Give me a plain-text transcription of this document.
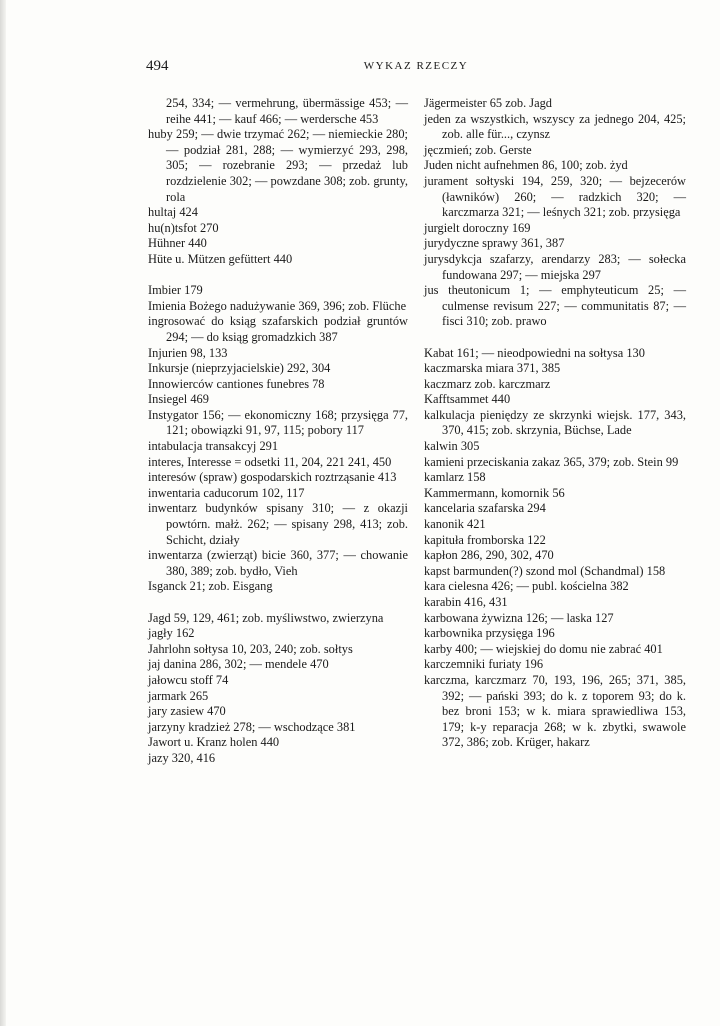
494	WYKAZ RZECZY
254, 334; — vermehrung, übermässige 453; — reihe 441; — kauf 466; — werdersche 453
huby 259; — dwie trzymać 262; — niemieckie 280; — podział 281, 288; — wymierzyć 293, 298, 305; — rozebranie 293; — przedaż lub rozdzielenie 302; — powzdane 308; zob. grunty, rola
hultaj 424
hu(n)tsfot 270
Hühner 440
Hüte u. Mützen gefüttert 440
Imbier 179
Imienia Bożego nadużywanie 369, 396; zob. Flüche
ingrosować do ksiąg szafarskich podział gruntów 294; — do ksiąg gromadzkich 387
Injurien 98, 133
Inkursje (nieprzyjacielskie) 292, 304
Innowierców cantiones funebres 78
Insiegel 469
Instygator 156; — ekonomiczny 168; przysięga 77, 121; obowiązki 91, 97, 115; pobory 117
intabulacja transakcyj 291
interes, Interesse = odsetki 11, 204, 221 241, 450
interesów (spraw) gospodarskich roztrząsanie 413
inwentaria caducorum 102, 117
inwentarz budynków spisany 310; — z okazji powtórn. małż. 262; — spisany 298, 413; zob. Schicht, działy
inwentarza (zwierząt) bicie 360, 377; — chowanie 380, 389; zob. bydło, Vieh
Isganck 21; zob. Eisgang
Jagd 59, 129, 461; zob. myśliwstwo, zwierzyna
jagły 162
Jahrlohn sołtysa 10, 203, 240; zob. sołtys
jaj danina 286, 302; — mendele 470
jałowcu stoff 74
jarmark 265
jary zasiew 470
jarzyny kradzież 278; — wschodzące 381
Jawort u. Kranz holen 440
jazy 320, 416
Jägermeister 65 zob. Jagd
jeden za wszystkich, wszyscy za jednego 204, 425; zob. alle für..., czynsz
jęczmień; zob. Gerste
Juden nicht aufnehmen 86, 100; zob. żyd
jurament sołtyski 194, 259, 320; — bejzecerów (ławników) 260; — radzkich 320; — karczmarza 321; — leśnych 321; zob. przysięga
jurgielt doroczny 169
jurydyczne sprawy 361, 387
jurysdykcja szafarzy, arendarzy 283; — sołecka fundowana 297; — miejska 297
jus theutonicum 1; — emphyteuticum 25; — culmense revisum 227; — communitatis 87; — fisci 310; zob. prawo
Kabat 161; — nieodpowiedni na sołtysa 130
kaczmarska miara 371, 385
kaczmarz zob. karczmarz
Kafftsammet 440
kalkulacja pieniędzy ze skrzynki wiejsk. 177, 343, 370, 415; zob. skrzynia, Büchse, Lade
kalwin 305
kamieni przeciskania zakaz 365, 379; zob. Stein 99
kamlarz 158
Kammermann, komornik 56
kancelaria szafarska 294
kanonik 421
kapituła fromborska 122
kapłon 286, 290, 302, 470
kapst barmunden(?) szond mol (Schandmal) 158
kara cielesna 426; — publ. kościelna 382
karabin 416, 431
karbowana żywizna 126; — laska 127
karbownika przysięga 196
karby 400; — wiejskiej do domu nie zabrać 401
karczemniki furiaty 196
karczma, karczmarz 70, 193, 196, 265; 371, 385, 392; — pański 393; do k. z toporem 93; do k. bez broni 153; w k. miara sprawiedliwa 153, 179; k-y reparacja 268; w k. zbytki, swawole 372, 386; zob. Krüger, hakarz
